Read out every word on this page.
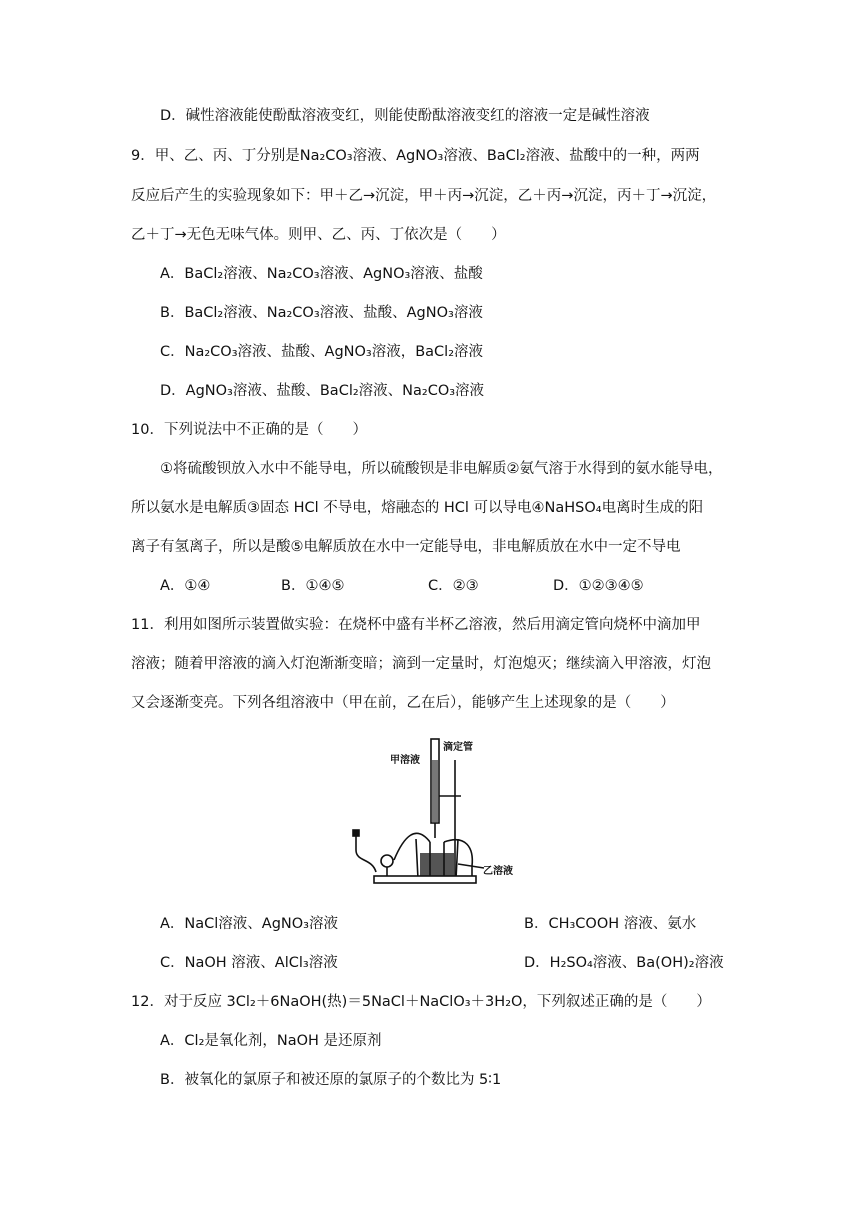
D．碱性溶液能使酚酞溶液变红，则能使酚酞溶液变红的溶液一定是碱性溶液
9．甲、乙、丙、丁分别是Na₂CO₃溶液、AgNO₃溶液、BaCl₂溶液、盐酸中的一种，两两
反应后产生的实验现象如下：甲＋乙→沉淀，甲＋丙→沉淀，乙＋丙→沉淀，丙＋丁→沉淀，
乙＋丁→无色无味气体。则甲、乙、丙、丁依次是（　　）
A．BaCl₂溶液、Na₂CO₃溶液、AgNO₃溶液、盐酸
B．BaCl₂溶液、Na₂CO₃溶液、盐酸、AgNO₃溶液
C．Na₂CO₃溶液、盐酸、AgNO₃溶液，BaCl₂溶液
D．AgNO₃溶液、盐酸、BaCl₂溶液、Na₂CO₃溶液
10．下列说法中不正确的是（　　）
①将硫酸钡放入水中不能导电，所以硫酸钡是非电解质②氨气溶于水得到的氨水能导电，
所以氨水是电解质③固态 HCl 不导电，熔融态的 HCl 可以导电④NaHSO₄电离时生成的阳
离子有氢离子，所以是酸⑤电解质放在水中一定能导电，非电解质放在水中一定不导电
A．①④	B．①④⑤	C．②③	D．①②③④⑤
11．利用如图所示装置做实验：在烧杯中盛有半杯乙溶液，然后用滴定管向烧杯中滴加甲
溶液；随着甲溶液的滴入灯泡渐渐变暗；滴到一定量时，灯泡熄灭；继续滴入甲溶液，灯泡
又会逐渐变亮。下列各组溶液中（甲在前，乙在后），能够产生上述现象的是（　　）
滴定管
甲溶液
乙溶液
A．NaCl溶液、AgNO₃溶液	B．CH₃COOH 溶液、氨水
C．NaOH 溶液、AlCl₃溶液	D．H₂SO₄溶液、Ba(OH)₂溶液
12．对于反应 3Cl₂＋6NaOH(热)＝5NaCl＋NaClO₃＋3H₂O，下列叙述正确的是（　　）
A．Cl₂是氧化剂，NaOH 是还原剂
B．被氧化的氯原子和被还原的氯原子的个数比为 5∶1
